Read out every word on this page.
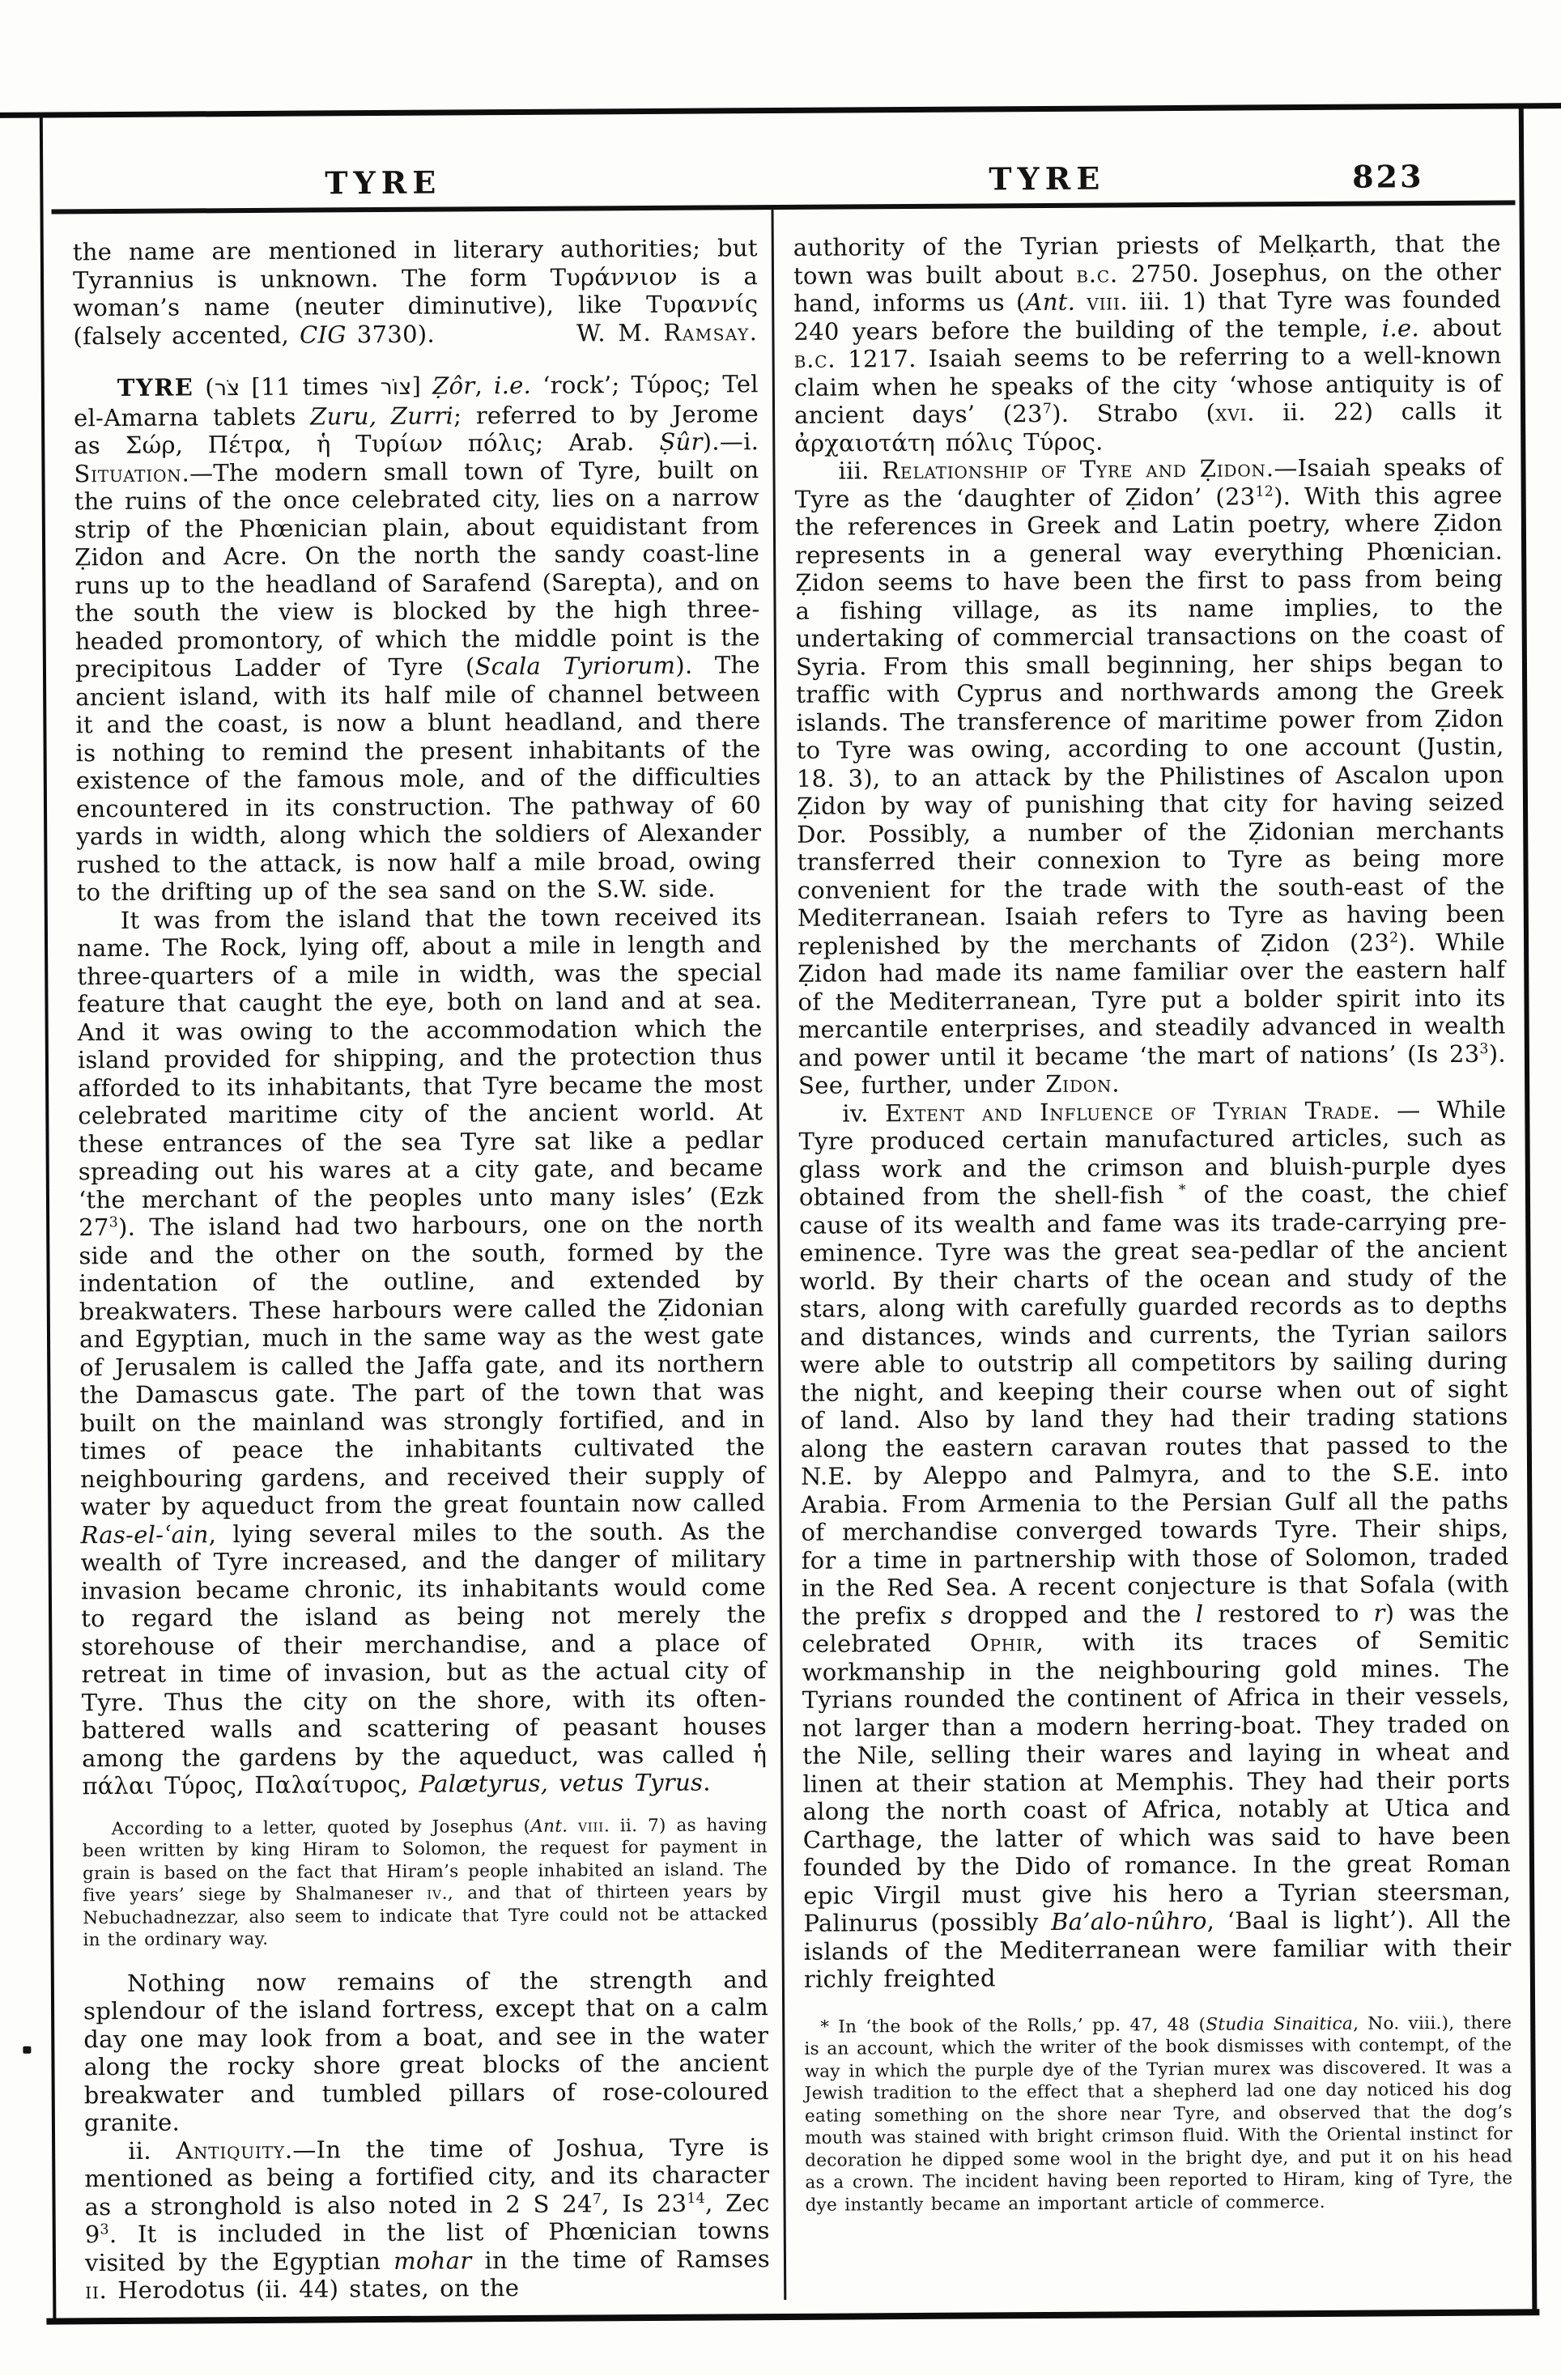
TYRE	TYRE	823

the name are mentioned in literary authorities; but Tyrannius is unknown. The form Τυράννιον is a woman’s name (neuter diminutive), like Τυραννίς (falsely accented, CIG 3730).	W. M. Ramsay.

TYRE (צֹר [11 times צוֹר] Ẓôr, i.e. ‘rock’; Τύρος; Tel el-Amarna tablets Zuru, Zurri; referred to by Jerome as Σώρ, Πέτρα, ἡ Τυρίων πόλις; Arab. Ṣûr).—i. Situation.—The modern small town of Tyre, built on the ruins of the once celebrated city, lies on a narrow strip of the Phœnician plain, about equidistant from Ẓidon and Acre. On the north the sandy coast-line runs up to the headland of Sarafend (Sarepta), and on the south the view is blocked by the high three-headed promontory, of which the middle point is the precipitous Ladder of Tyre (Scala Tyriorum). The ancient island, with its half mile of channel between it and the coast, is now a blunt headland, and there is nothing to remind the present inhabitants of the existence of the famous mole, and of the difficulties encountered in its construction. The pathway of 60 yards in width, along which the soldiers of Alexander rushed to the attack, is now half a mile broad, owing to the drifting up of the sea sand on the S.W. side.

It was from the island that the town received its name. The Rock, lying off, about a mile in length and three-quarters of a mile in width, was the special feature that caught the eye, both on land and at sea. And it was owing to the accommodation which the island provided for shipping, and the protection thus afforded to its inhabitants, that Tyre became the most celebrated maritime city of the ancient world. At these entrances of the sea Tyre sat like a pedlar spreading out his wares at a city gate, and became ‘the merchant of the peoples unto many isles’ (Ezk $27^3$). The island had two harbours, one on the north side and the other on the south, formed by the indentation of the outline, and extended by breakwaters. These harbours were called the Ẓidonian and Egyptian, much in the same way as the west gate of Jerusalem is called the Jaffa gate, and its northern the Damascus gate. The part of the town that was built on the mainland was strongly fortified, and in times of peace the inhabitants cultivated the neighbouring gardens, and received their supply of water by aqueduct from the great fountain now called Ras-el-ʿain, lying several miles to the south. As the wealth of Tyre increased, and the danger of military invasion became chronic, its inhabitants would come to regard the island as being not merely the storehouse of their merchandise, and a place of retreat in time of invasion, but as the actual city of Tyre. Thus the city on the shore, with its often-battered walls and scattering of peasant houses among the gardens by the aqueduct, was called ἡ πάλαι Τύρος, Παλαίτυρος, Palætyrus, vetus Tyrus.

According to a letter, quoted by Josephus (Ant. viii. ii. 7) as having been written by king Hiram to Solomon, the request for payment in grain is based on the fact that Hiram’s people inhabited an island. The five years’ siege by Shalmaneser iv., and that of thirteen years by Nebuchadnezzar, also seem to indicate that Tyre could not be attacked in the ordinary way.

Nothing now remains of the strength and splendour of the island fortress, except that on a calm day one may look from a boat, and see in the water along the rocky shore great blocks of the ancient breakwater and tumbled pillars of rose-coloured granite.

ii. Antiquity.—In the time of Joshua, Tyre is mentioned as being a fortified city, and its character as a stronghold is also noted in 2 S $24^7$, Is $23^{14}$, Zec $9^3$. It is included in the list of Phœnician towns visited by the Egyptian mohar in the time of Ramses ii. Herodotus (ii. 44) states, on the

authority of the Tyrian priests of Melḳarth, that the town was built about b.c. 2750. Josephus, on the other hand, informs us (Ant. viii. iii. 1) that Tyre was founded 240 years before the building of the temple, i.e. about b.c. 1217. Isaiah seems to be referring to a well-known claim when he speaks of the city ‘whose antiquity is of ancient days’ $(23^7)$. Strabo (xvi. ii. 22) calls it ἀρχαιοτάτη πόλις Τύρος.

iii. Relationship of Tyre and Ẓidon.—Isaiah speaks of Tyre as the ‘daughter of Ẓidon’ $(23^{12})$. With this agree the references in Greek and Latin poetry, where Ẓidon represents in a general way everything Phœnician. Ẓidon seems to have been the first to pass from being a fishing village, as its name implies, to the undertaking of commercial transactions on the coast of Syria. From this small beginning, her ships began to traffic with Cyprus and northwards among the Greek islands. The transference of maritime power from Ẓidon to Tyre was owing, according to one account (Justin, 18. 3), to an attack by the Philistines of Ascalon upon Ẓidon by way of punishing that city for having seized Dor. Possibly, a number of the Ẓidonian merchants transferred their connexion to Tyre as being more convenient for the trade with the south-east of the Mediterranean. Isaiah refers to Tyre as having been replenished by the merchants of Ẓidon $(23^2)$. While Ẓidon had made its name familiar over the eastern half of the Mediterranean, Tyre put a bolder spirit into its mercantile enterprises, and steadily advanced in wealth and power until it became ‘the mart of nations’ (Is $23^3$). See, further, under Zidon.

iv. Extent and Influence of Tyrian Trade. — While Tyre produced certain manufactured articles, such as glass work and the crimson and bluish-purple dyes obtained from the shell-fish * of the coast, the chief cause of its wealth and fame was its trade-carrying pre-eminence. Tyre was the great sea-pedlar of the ancient world. By their charts of the ocean and study of the stars, along with carefully guarded records as to depths and distances, winds and currents, the Tyrian sailors were able to outstrip all competitors by sailing during the night, and keeping their course when out of sight of land. Also by land they had their trading stations along the eastern caravan routes that passed to the N.E. by Aleppo and Palmyra, and to the S.E. into Arabia. From Armenia to the Persian Gulf all the paths of merchandise converged towards Tyre. Their ships, for a time in partnership with those of Solomon, traded in the Red Sea. A recent conjecture is that Sofala (with the prefix s dropped and the l restored to r) was the celebrated Ophir, with its traces of Semitic workmanship in the neighbouring gold mines. The Tyrians rounded the continent of Africa in their vessels, not larger than a modern herring-boat. They traded on the Nile, selling their wares and laying in wheat and linen at their station at Memphis. They had their ports along the north coast of Africa, notably at Utica and Carthage, the latter of which was said to have been founded by the Dido of romance. In the great Roman epic Virgil must give his hero a Tyrian steersman, Palinurus (possibly Ba’alo-nûhro, ‘Baal is light’). All the islands of the Mediterranean were familiar with their richly freighted

* In ‘the book of the Rolls,’ pp. 47, 48 (Studia Sinaitica, No. viii.), there is an account, which the writer of the book dismisses with contempt, of the way in which the purple dye of the Tyrian murex was discovered. It was a Jewish tradition to the effect that a shepherd lad one day noticed his dog eating something on the shore near Tyre, and observed that the dog’s mouth was stained with bright crimson fluid. With the Oriental instinct for decoration he dipped some wool in the bright dye, and put it on his head as a crown. The incident having been reported to Hiram, king of Tyre, the dye instantly became an important article of commerce.
